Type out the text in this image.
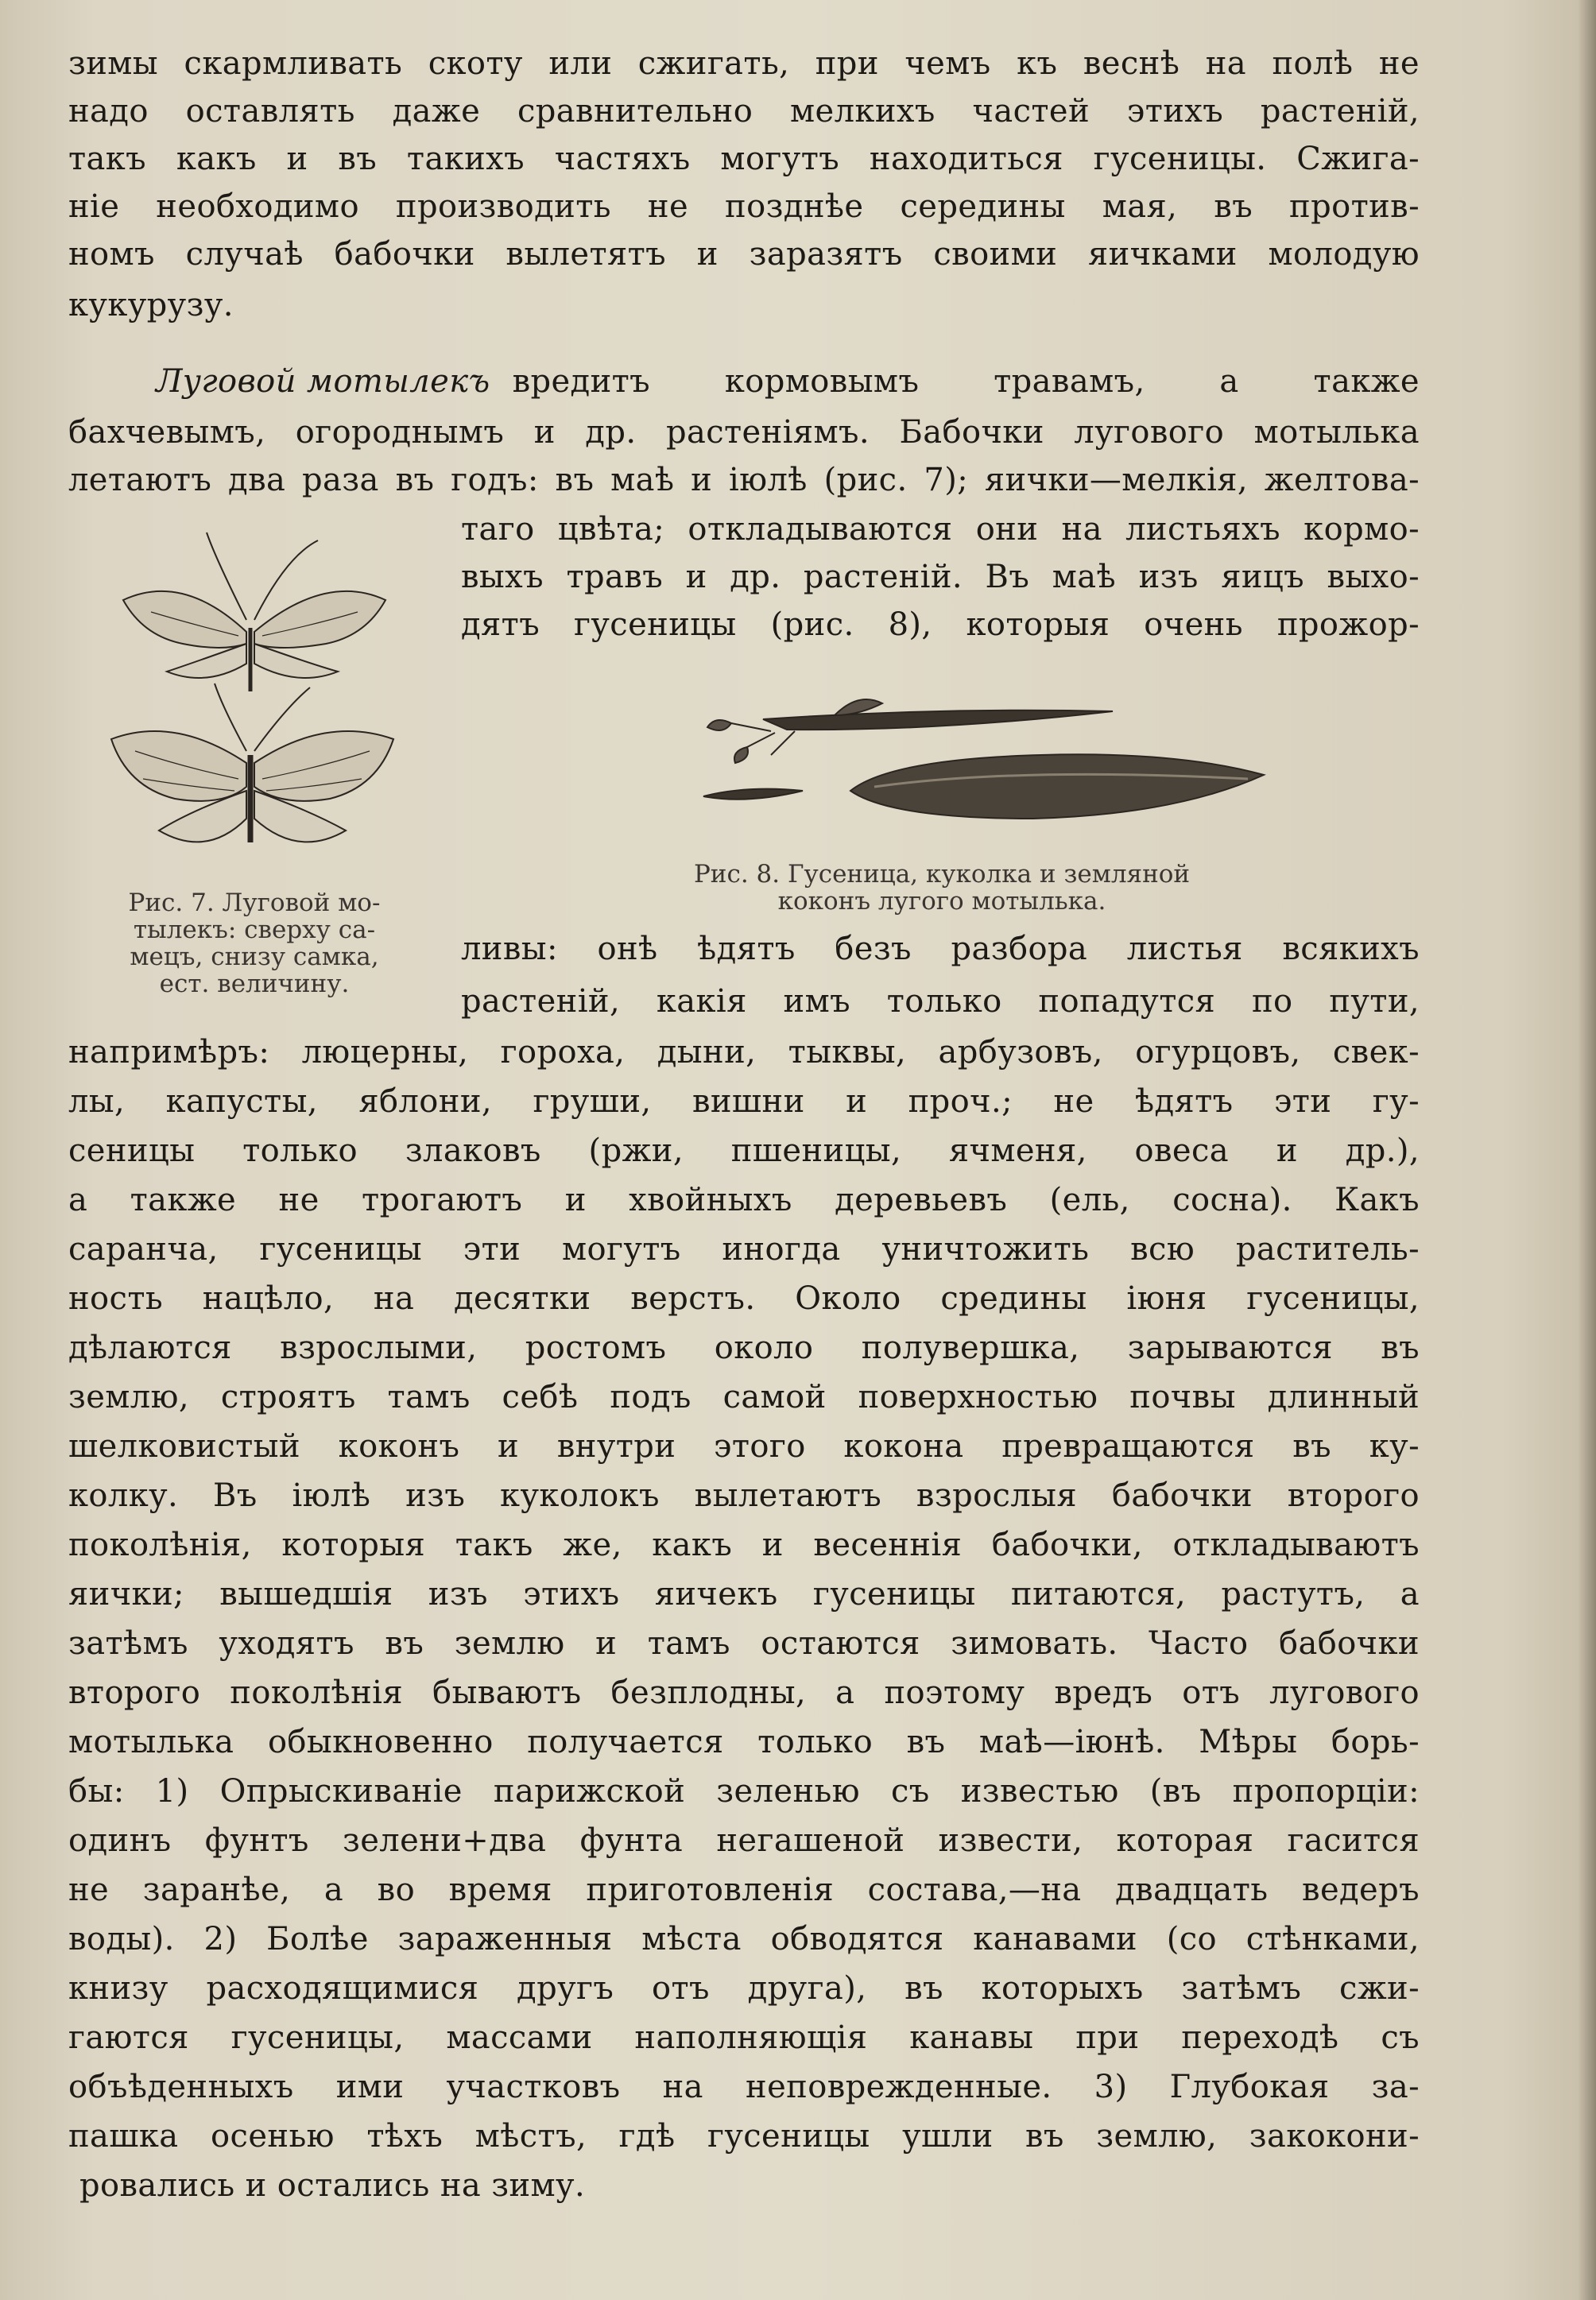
зимы скармливать скоту или сжигать, при чемъ къ веснѣ на полѣ не
надо оставлять даже сравнительно мелкихъ частей этихъ растеній,
такъ какъ и въ такихъ частяхъ могутъ находиться гусеницы. Сжига-
ніе необходимо производить не позднѣе середины мая, въ против-
номъ случаѣ бабочки вылетятъ и заразятъ своими яичками молодую
кукурузу.
Луговой мотылекъ вредитъ кормовымъ травамъ, а также
бахчевымъ, огороднымъ и др. растеніямъ. Бабочки лугового мотылька
летаютъ два раза въ годъ: въ маѣ и іюлѣ (рис. 7); яички—мелкія, желтова-
таго цвѣта; откладываются они на листьяхъ кормо-
выхъ травъ и др. растеній. Въ маѣ изъ яицъ выхо-
дятъ гусеницы (рис. 8), которыя очень прожор-
Рис. 8. Гусеница, куколка и земляной
коконъ лугого мотылька.
Рис. 7. Луговой мо-
тылекъ: сверху са-
мецъ, снизу самка,
ест. величину.
ливы: онѣ ѣдятъ безъ разбора листья всякихъ
растеній, какія имъ только попадутся по пути,
напримѣръ: люцерны, гороха, дыни, тыквы, арбузовъ, огурцовъ, свек-
лы, капусты, яблони, груши, вишни и проч.; не ѣдятъ эти гу-
сеницы только злаковъ (ржи, пшеницы, ячменя, овеса и др.),
а также не трогаютъ и хвойныхъ деревьевъ (ель, сосна). Какъ
саранча, гусеницы эти могутъ иногда уничтожить всю раститель-
ность нацѣло, на десятки верстъ. Около средины іюня гусеницы,
дѣлаются взрослыми, ростомъ около полувершка, зарываются въ
землю, строятъ тамъ себѣ подъ самой поверхностью почвы длинный
шелковистый коконъ и внутри этого кокона превращаются въ ку-
колку. Въ іюлѣ изъ куколокъ вылетаютъ взрослыя бабочки второго
поколѣнія, которыя такъ же, какъ и весеннія бабочки, откладываютъ
яички; вышедшія изъ этихъ яичекъ гусеницы питаются, растутъ, а
затѣмъ уходятъ въ землю и тамъ остаются зимовать. Часто бабочки
второго поколѣнія бываютъ безплодны, а поэтому вредъ отъ лугового
мотылька обыкновенно получается только въ маѣ—іюнѣ. Мѣры борь-
бы: 1) Опрыскиваніе парижской зеленью съ известью (въ пропорціи:
одинъ фунтъ зелени+два фунта негашеной извести, которая гасится
не заранѣе, а во время приготовленія состава,—на двадцать ведеръ
воды). 2) Болѣе зараженныя мѣста обводятся канавами (со стѣнками,
книзу расходящимися другъ отъ друга), въ которыхъ затѣмъ сжи-
гаются гусеницы, массами наполняющія канавы при переходѣ съ
объѣденныхъ ими участковъ на неповрежденные. 3) Глубокая за-
пашка осенью тѣхъ мѣстъ, гдѣ гусеницы ушли въ землю, закокони-
ровались и остались на зиму.
